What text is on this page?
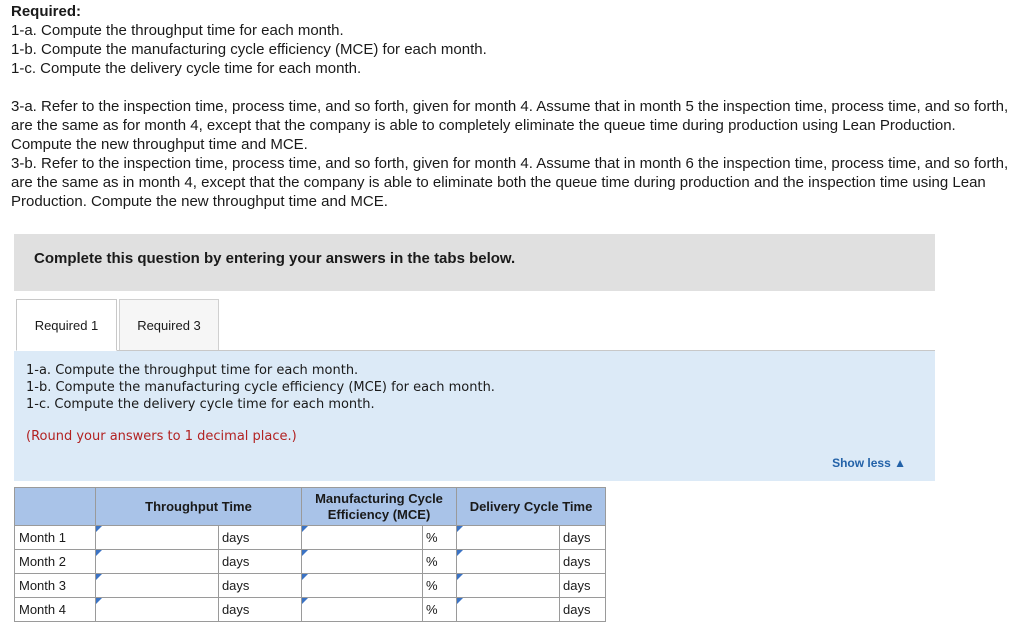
Required:

1-a. Compute the throughput time for each month.

1-b. Compute the manufacturing cycle efficiency (MCE) for each month.

1-c. Compute the delivery cycle time for each month.

3-a. Refer to the inspection time, process time, and so forth, given for month 4. Assume that in month 5 the inspection time, process time, and so forth, are the same as for month 4, except that the company is able to completely eliminate the queue time during production using Lean Production. Compute the new throughput time and MCE.

3-b. Refer to the inspection time, process time, and so forth, given for month 4. Assume that in month 6 the inspection time, process time, and so forth, are the same as in month 4, except that the company is able to eliminate both the queue time during production and the inspection time using Lean Production. Compute the new throughput time and MCE.

Complete this question by entering your answers in the tabs below.
Required 1	Required 3

1-a. Compute the throughput time for each month.

1-b. Compute the manufacturing cycle efficiency (MCE) for each month.

1-c. Compute the delivery cycle time for each month.

(Round your answers to 1 decimal place.)
Show less ▲
	Throughput Time		Manufacturing Cycle Efficiency (MCE)		Delivery Cycle Time	
Month 1		days		%		days
Month 2		days		%		days
Month 3		days		%		days
Month 4		days		%		days
